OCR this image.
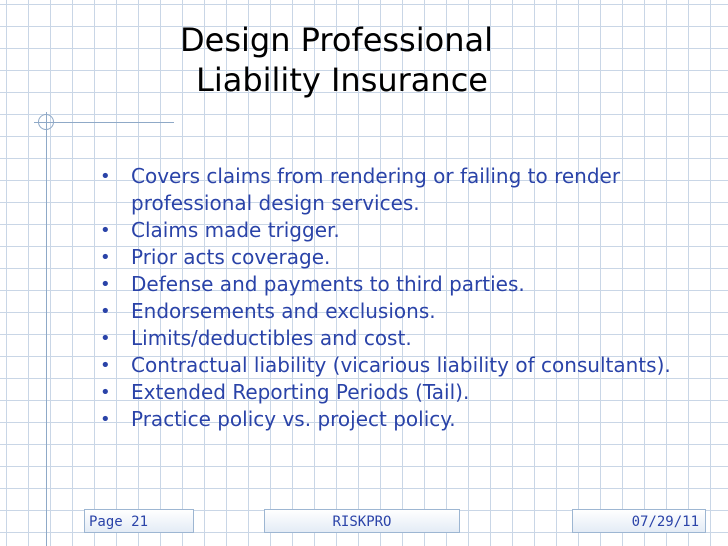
Design Professional
Liability Insurance
•	Covers claims from rendering or failing to render professional design services.
•	Claims made trigger.
•	Prior acts coverage.
•	Defense and payments to third parties.
•	Endorsements and exclusions.
•	Limits/deductibles and cost.
•	Contractual liability (vicarious liability of consultants).
•	Extended Reporting Periods (Tail).
•	Practice policy vs. project policy.
Page 21	RISKPRO	07/29/11
